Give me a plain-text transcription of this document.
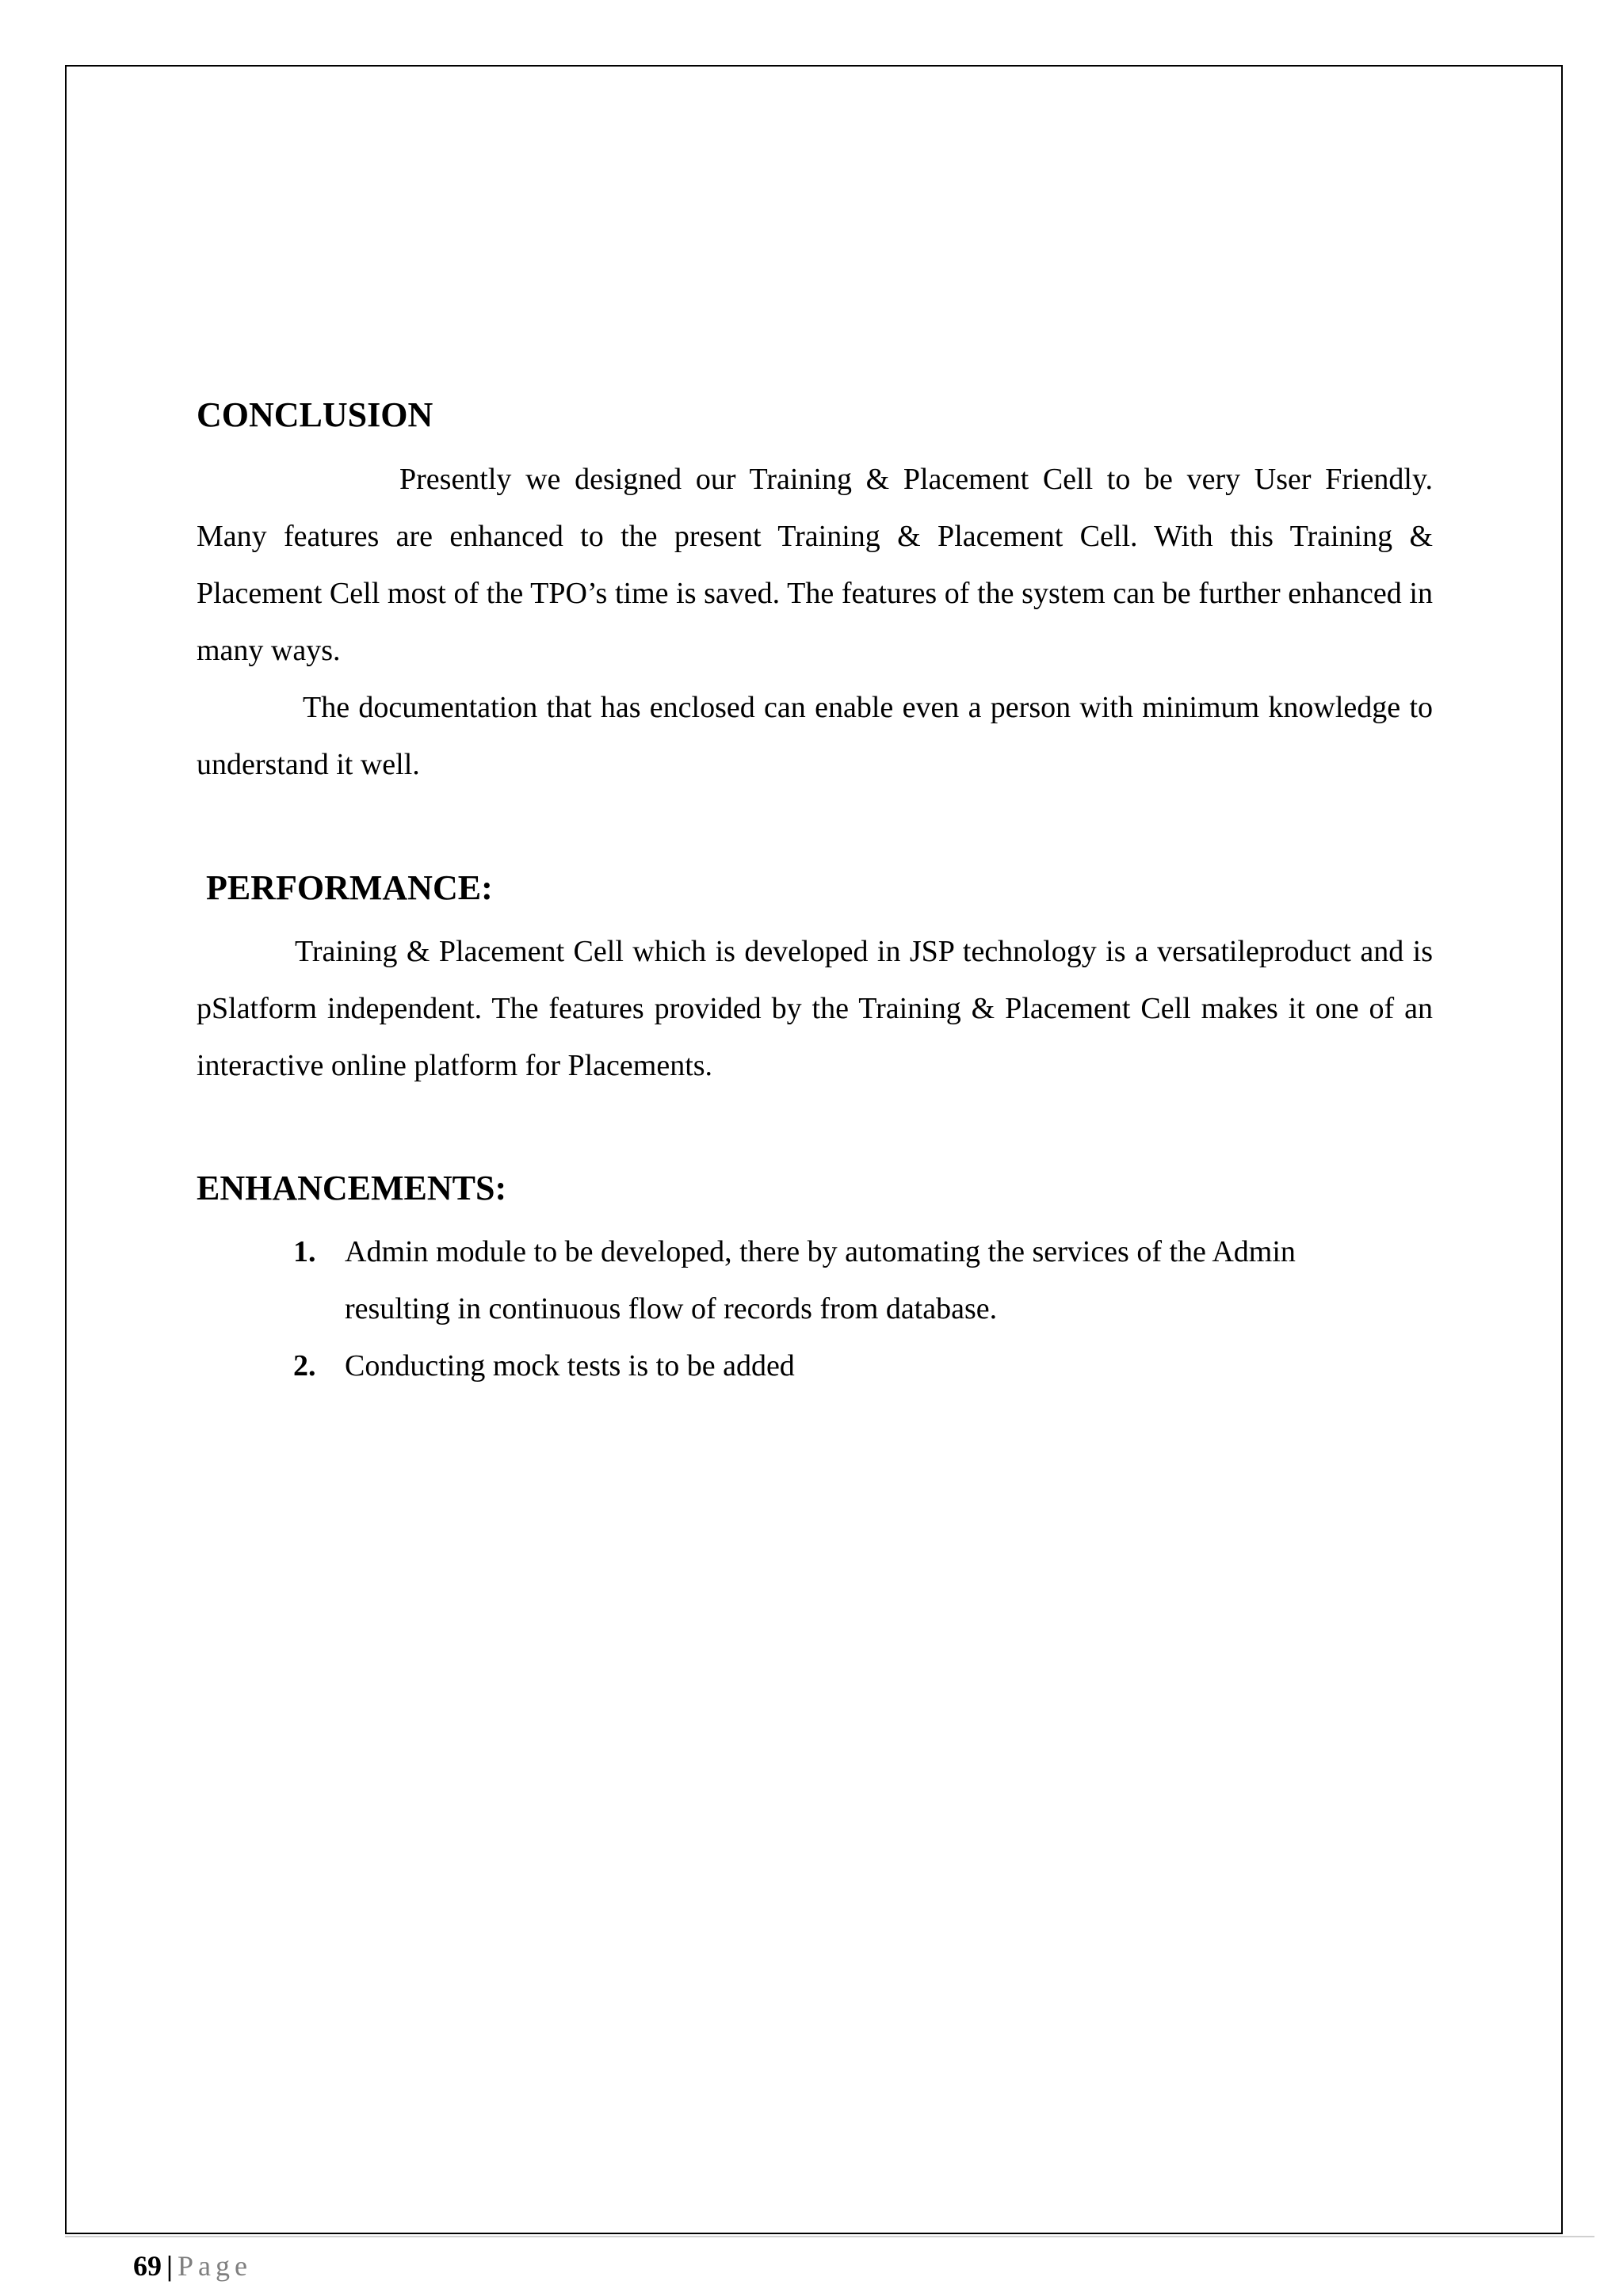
CONCLUSION

Presently we designed our Training & Placement Cell to be very User Friendly. Many features are enhanced to the present Training & Placement Cell. With this Training & Placement Cell most of the TPO’s time is saved. The features of the system can be further enhanced in many ways.

The documentation that has enclosed can enable even a person with minimum knowledge to understand it well.

PERFORMANCE:

Training & Placement Cell which is developed in JSP technology is a versatileproduct and is pSlatform independent. The features provided by the Training & Placement Cell makes it one of an interactive online platform for Placements.

ENHANCEMENTS:
1. Admin module to be developed, there by automating the services of the Admin resulting in continuous flow of records from database.
2. Conducting mock tests is to be added
69 | Page
